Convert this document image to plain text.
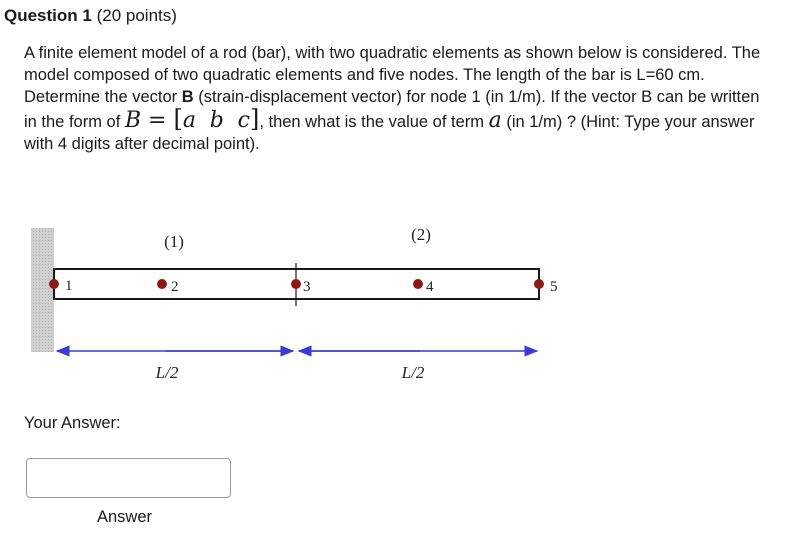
Question 1 (20 points)
A finite element model of a rod (bar), with two quadratic elements as shown below is considered. The model composed of two quadratic elements and five nodes. The length of the bar is L=60 cm. Determine the vector B (strain-displacement vector) for node 1 (in 1/m). If the vector B can be written in the form of B = [a b c], then what is the value of term a (in 1/m) ? (Hint: Type your answer with 4 digits after decimal point).
(1)	(2)
1	2	3	4	5
L/2	L/2
Your Answer:
Answer
